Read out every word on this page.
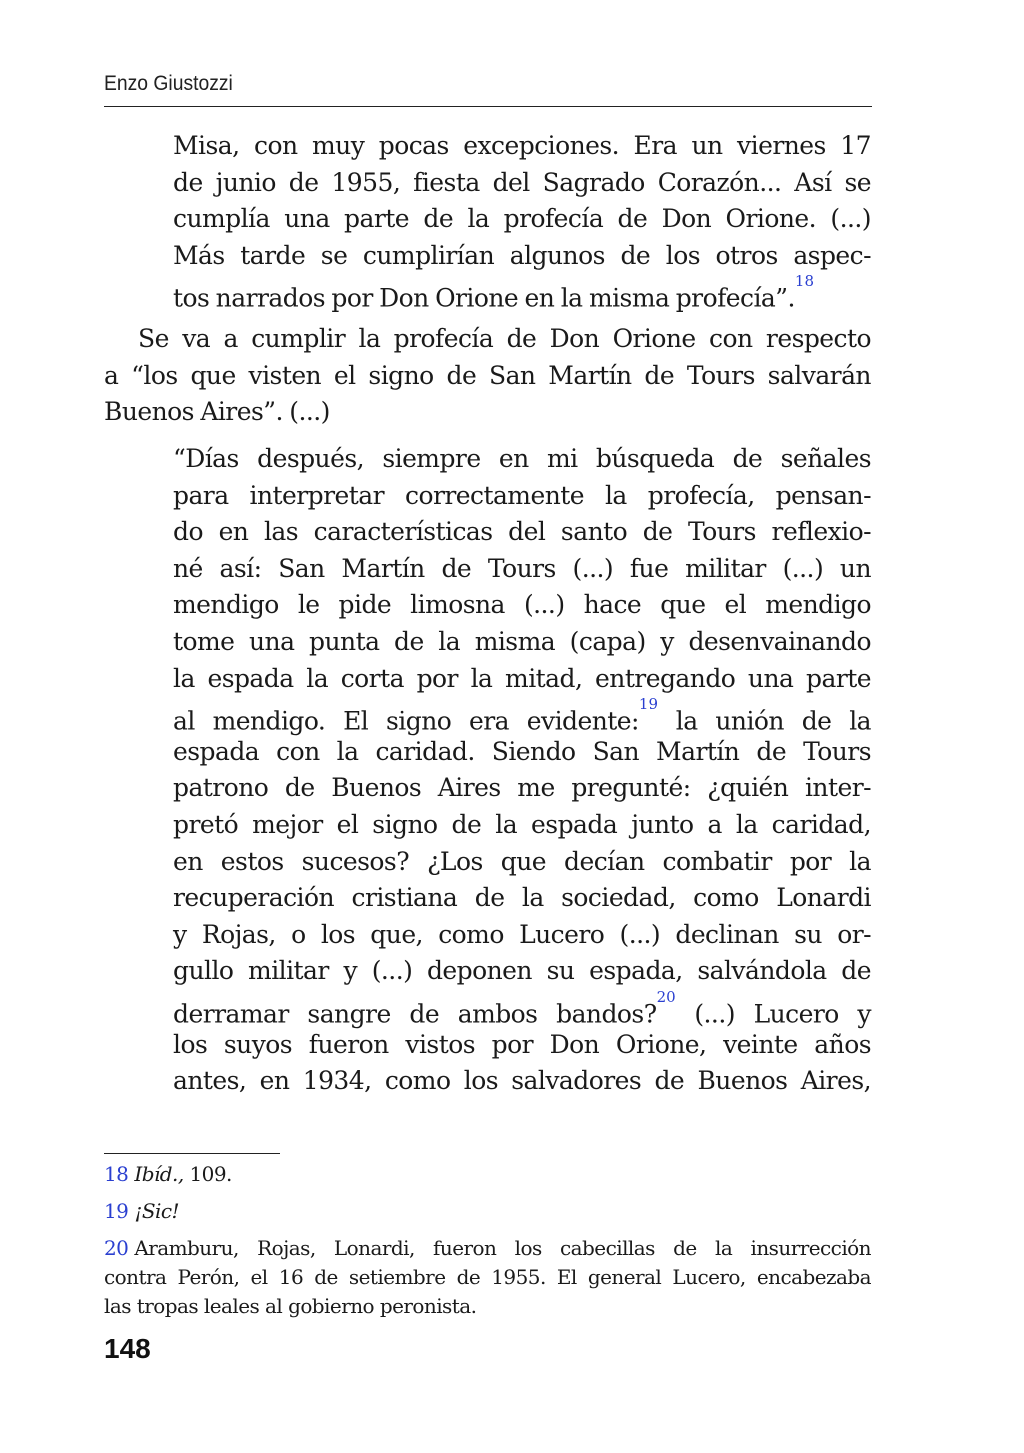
Enzo Giustozzi
Misa, con muy pocas excepciones. Era un viernes 17
de junio de 1955, fiesta del Sagrado Corazón... Así se
cumplía una parte de la profecía de Don Orione. (...)
Más tarde se cumplirían algunos de los otros aspec-
tos narrados por Don Orione en la misma profecía”.$^{18}$
Se va a cumplir la profecía de Don Orione con respecto
a “los que visten el signo de San Martín de Tours salvarán
Buenos Aires”. (...)
“Días después, siempre en mi búsqueda de señales
para interpretar correctamente la profecía, pensan-
do en las características del santo de Tours reflexio-
né así: San Martín de Tours (...) fue militar (...) un
mendigo le pide limosna (...) hace que el mendigo
tome una punta de la misma (capa) y desenvainando
la espada la corta por la mitad, entregando una parte
al mendigo. El signo era evidente:$^{19}$ la unión de la
espada con la caridad. Siendo San Martín de Tours
patrono de Buenos Aires me pregunté: ¿quién inter-
pretó mejor el signo de la espada junto a la caridad,
en estos sucesos? ¿Los que decían combatir por la
recuperación cristiana de la sociedad, como Lonardi
y Rojas, o los que, como Lucero (...) declinan su or-
gullo militar y (...) deponen su espada, salvándola de
derramar sangre de ambos bandos?$^{20}$ (...) Lucero y
los suyos fueron vistos por Don Orione, veinte años
antes, en 1934, como los salvadores de Buenos Aires,
18 Ibíd., 109.
19 ¡Sic!
20 Aramburu, Rojas, Lonardi, fueron los cabecillas de la insurrección
contra Perón, el 16 de setiembre de 1955. El general Lucero, encabezaba
las tropas leales al gobierno peronista.
148
